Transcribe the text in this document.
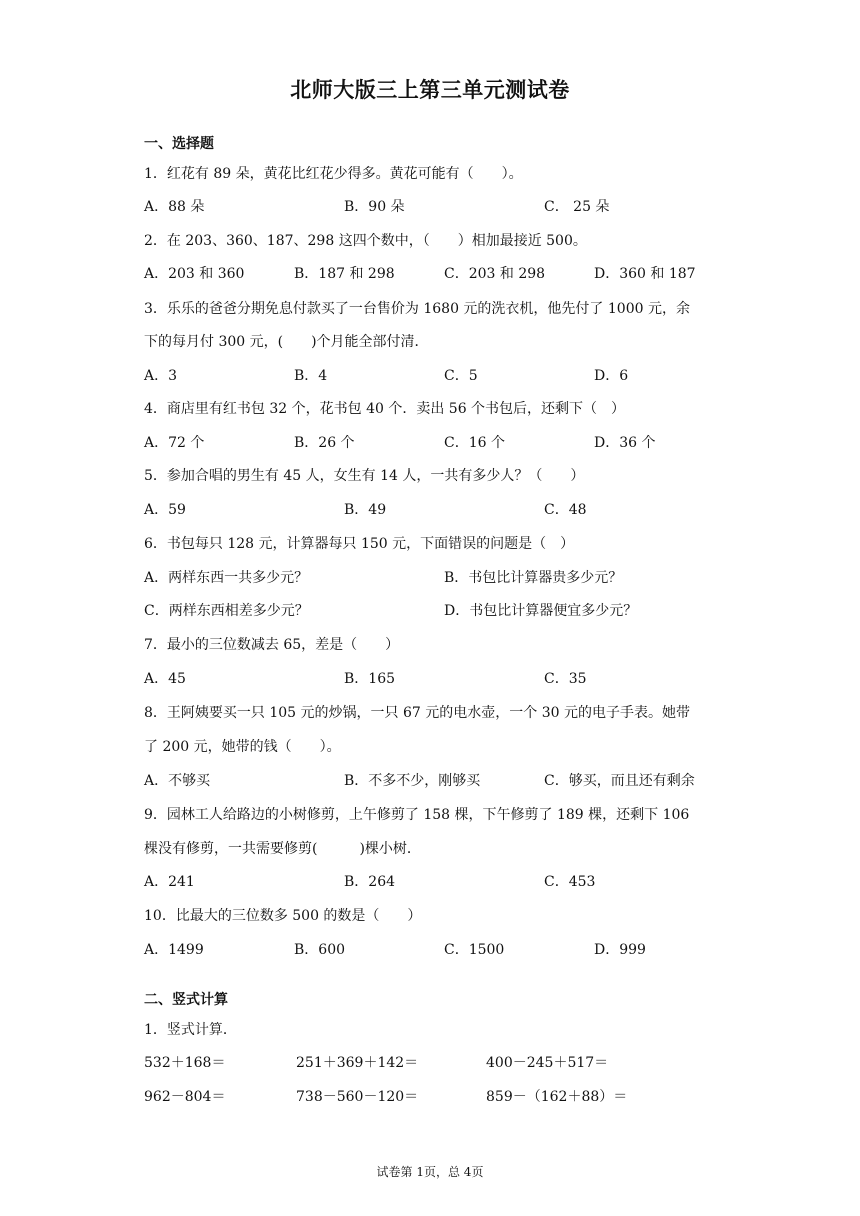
北师大版三上第三单元测试卷
一、选择题
1．红花有 89 朵，黄花比红花少得多。黄花可能有（　　）。
A．88 朵	B．90 朵	C． 25 朵
2．在 203、360、187、298 这四个数中，（　　）相加最接近 500。
A．203 和 360	B．187 和 298	C．203 和 298	D．360 和 187
3．乐乐的爸爸分期免息付款买了一台售价为 1680 元的洗衣机，他先付了 1000 元，余
下的每月付 300 元，(　　)个月能全部付清．
A．3	B．4	C．5	D．6
4．商店里有红书包 32 个，花书包 40 个．卖出 56 个书包后，还剩下（　）
A．72 个	B．26 个	C．16 个	D．36 个
5．参加合唱的男生有 45 人，女生有 14 人，一共有多少人？（　　）
A．59	B．49	C．48
6．书包每只 128 元，计算器每只 150 元，下面错误的问题是（　）
A．两样东西一共多少元？	B．书包比计算器贵多少元？
C．两样东西相差多少元？	D．书包比计算器便宜多少元？
7．最小的三位数减去 65，差是（　　）
A．45	B．165	C．35
8．王阿姨要买一只 105 元的炒锅，一只 67 元的电水壶，一个 30 元的电子手表。她带
了 200 元，她带的钱（　　）。
A．不够买	B．不多不少，刚够买	C．够买，而且还有剩余
9．园林工人给路边的小树修剪，上午修剪了 158 棵，下午修剪了 189 棵，还剩下 106
棵没有修剪，一共需要修剪(　　　)棵小树．
A．241	B．264	C．453
10．比最大的三位数多 500 的数是（　　）
A．1499	B．600	C．1500	D．999
二、竖式计算
1．竖式计算．
532＋168＝	251＋369＋142＝	400－245＋517＝
962－804＝	738－560－120＝	859－（162＋88）＝
试卷第 1页，总 4页
